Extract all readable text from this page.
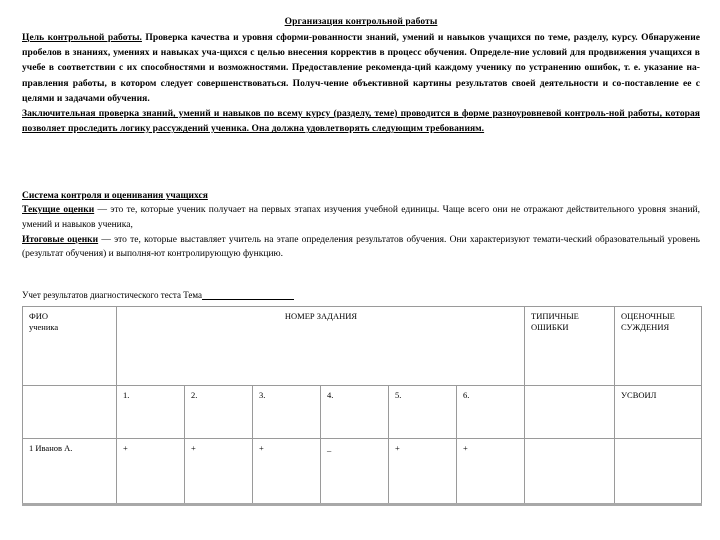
Организация контрольной работы

Цель контрольной работы. Проверка качества и уровня сформи-рованности знаний, умений и навыков учащихся по теме, разделу, курсу. Обнаружение пробелов в знаниях, умениях и навыках уча-щихся с целью внесения корректив в процесс обучения. Определе-ние условий для продвижения учащихся в учебе в соответствии с их способностями и возможностями. Предоставление рекоменда-ций каждому ученику по устранению ошибок, т. е. указание на-правления работы, в котором следует совершенствоваться. Получ-чение объективной картины результатов своей деятельности и со-поставление ее с целями и задачами обучения.

Заключительная проверка знаний, умений и навыков по всему курсу (разделу, теме) проводится в форме разноуровневой контроль-ной работы, которая позволяет проследить логику рассуждений ученика. Она должна удовлетворять следующим требованиям.

Система контроля и оценивания учащихся

Текущие оценки — это те, которые ученик получает на первых этапах изучения учебной единицы. Чаще всего они не отражают действительного уровня знаний, умений и навыков ученика,

Итоговые оценки — это те, которые выставляет учитель на этапе определения результатов обучения. Они характеризуют темати-ческий образовательный уровень (результат обучения) и выполня-ют контролирующую функцию.

Учет результатов диагностического теста Тема

ФИО
ученика	НОМЕР ЗАДАНИЯ						ТИПИЧНЫЕ ОШИБКИ	ОЦЕНОЧНЫЕ СУЖДЕНИЯ
	1.	2.	3.	4.	5.	6.		УСВОИЛ
1 Иванов А.	+	+	+	_	+	+		
